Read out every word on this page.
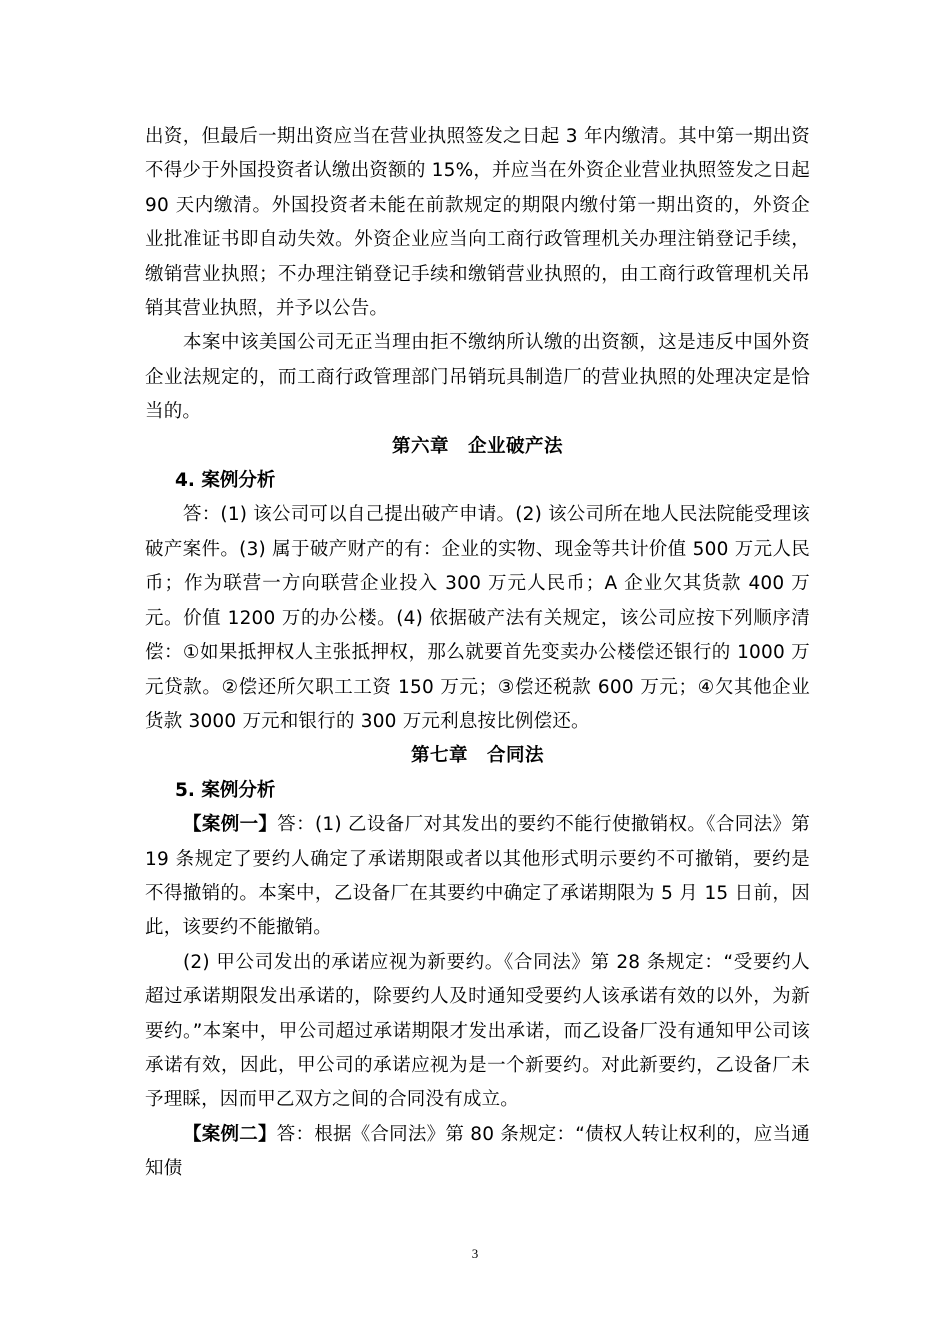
出资，但最后一期出资应当在营业执照签发之日起 3 年内缴清。其中第一期出资不得少于外国投资者认缴出资额的 15%，并应当在外资企业营业执照签发之日起 90 天内缴清。外国投资者未能在前款规定的期限内缴付第一期出资的，外资企业批准证书即自动失效。外资企业应当向工商行政管理机关办理注销登记手续，缴销营业执照；不办理注销登记手续和缴销营业执照的，由工商行政管理机关吊销其营业执照，并予以公告。

本案中该美国公司无正当理由拒不缴纳所认缴的出资额，这是违反中国外资企业法规定的，而工商行政管理部门吊销玩具制造厂的营业执照的处理决定是恰当的。

第六章　企业破产法

4. 案例分析

答：(1) 该公司可以自己提出破产申请。(2) 该公司所在地人民法院能受理该破产案件。(3) 属于破产财产的有：企业的实物、现金等共计价值 500 万元人民币；作为联营一方向联营企业投入 300 万元人民币；A 企业欠其货款 400 万元。价值 1200 万的办公楼。(4) 依据破产法有关规定，该公司应按下列顺序清偿：①如果抵押权人主张抵押权，那么就要首先变卖办公楼偿还银行的 1000 万元贷款。②偿还所欠职工工资 150 万元；③偿还税款 600 万元；④欠其他企业货款 3000 万元和银行的 300 万元利息按比例偿还。

第七章　合同法

5. 案例分析

【案例一】答：(1) 乙设备厂对其发出的要约不能行使撤销权。《合同法》第 19 条规定了要约人确定了承诺期限或者以其他形式明示要约不可撤销，要约是不得撤销的。本案中，乙设备厂在其要约中确定了承诺期限为 5 月 15 日前，因此，该要约不能撤销。

(2) 甲公司发出的承诺应视为新要约。《合同法》第 28 条规定：“受要约人超过承诺期限发出承诺的，除要约人及时通知受要约人该承诺有效的以外，为新要约。”本案中，甲公司超过承诺期限才发出承诺，而乙设备厂没有通知甲公司该承诺有效，因此，甲公司的承诺应视为是一个新要约。对此新要约，乙设备厂未予理睬，因而甲乙双方之间的合同没有成立。

【案例二】答：根据《合同法》第 80 条规定：“债权人转让权利的，应当通知债

3
